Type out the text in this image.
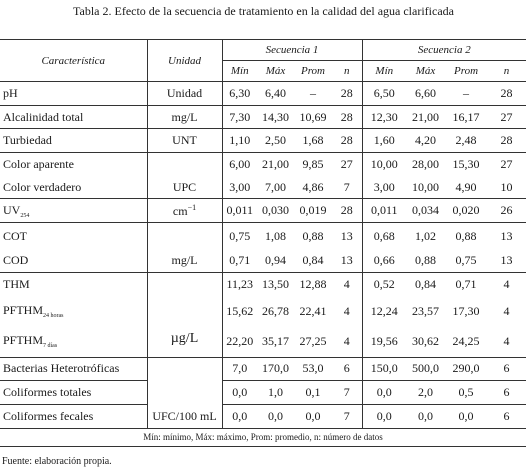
Tabla 2. Efecto de la secuencia de tratamiento en la calidad del agua clarificada
Característica	Unidad	Secuencia 1				Secuencia 2			
		Mín	Máx	Prom	n	Mín	Máx	Prom	n
pH	Unidad	6,30	6,40	–	28	6,50	6,60	–	28
Alcalinidad total	mg/L	7,30	14,30	10,69	28	12,30	21,00	16,17	27
Turbiedad	UNT	1,10	2,50	1,68	28	1,60	4,20	2,48	28
Color aparente	UPC	6,00	21,00	9,85	27	10,00	28,00	15,30	27
Color verdadero		3,00	7,00	4,86	7	3,00	10,00	4,90	10
$UV_{254}$	$cm^{-1}$	0,011	0,030	0,019	28	0,011	0,034	0,020	26
COT	mg/L	0,75	1,08	0,88	13	0,68	1,02	0,88	13
COD		0,71	0,94	0,84	13	0,66	0,88	0,75	13
THM	µg/L	11,23	13,50	12,88	4	0,52	0,84	0,71	4
$PFTHM_{24 horas}$		15,62	26,78	22,41	4	12,24	23,57	17,30	4
$PFTHM_{7 días}$		22,20	35,17	27,25	4	19,56	30,62	24,25	4
Bacterias Heterotróficas	UFC/100 mL	7,0	170,0	53,0	6	150,0	500,0	290,0	6
Coliformes totales		0,0	1,0	0,1	7	0,0	2,0	0,5	6
Coliformes fecales		0,0	0,0	0,0	7	0,0	0,0	0,0	6
Mín: mínimo, Máx: máximo, Prom: promedio, n: número de datos									
Fuente: elaboración propia.
